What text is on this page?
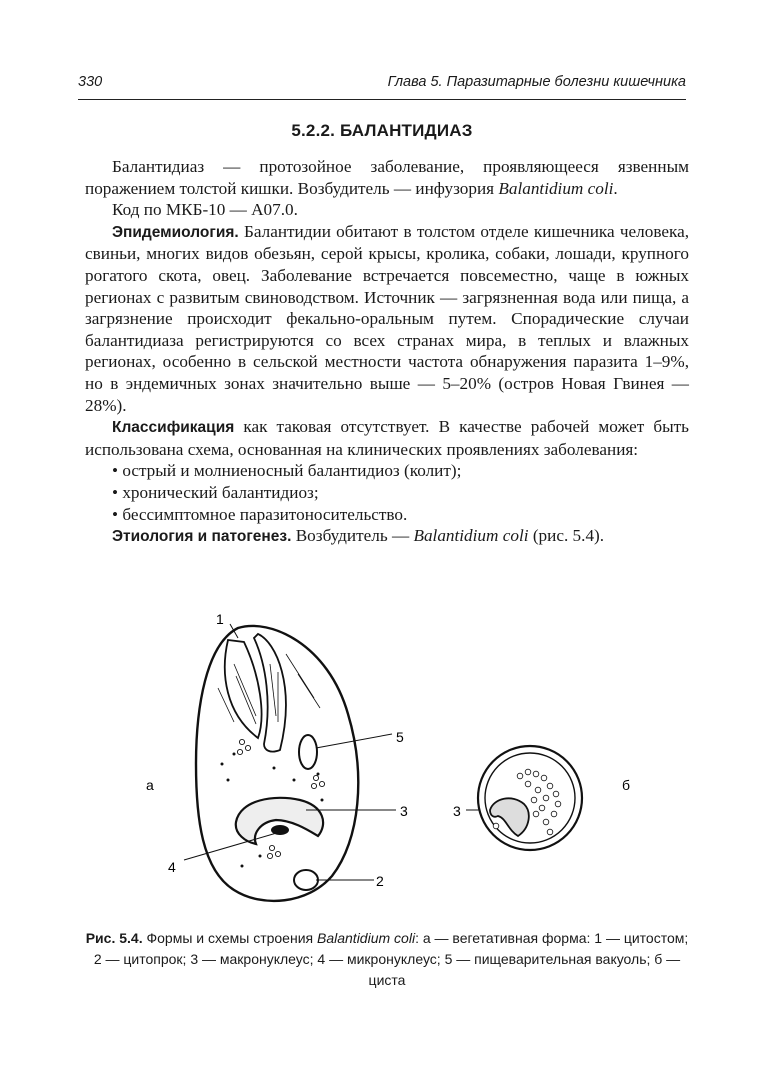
330	Глава 5. Паразитарные болезни кишечника
5.2.2. БАЛАНТИДИАЗ

Балантидиаз — протозойное заболевание, проявляющееся язвенным поражением толстой кишки. Возбудитель — инфузория Balantidium coli.

Код по МКБ-10 — А07.0.

Эпидемиология. Балантидии обитают в толстом отделе кишечника человека, свиньи, многих видов обезьян, серой крысы, кролика, собаки, лошади, крупного рогатого скота, овец. Заболевание встречается повсеместно, чаще в южных регионах с развитым свиноводством. Источник — загрязненная вода или пища, а загрязнение происходит фекально-оральным путем. Спорадические случаи балантидиаза регистрируются со всех странах мира, в теплых и влажных регионах, особенно в сельской местности частота обнаружения паразита 1–9%, но в эндемичных зонах значительно выше — 5–20% (остров Новая Гвинея — 28%).

Классификация как таковая отсутствует. В качестве рабочей может быть использована схема, основанная на клинических проявлениях заболевания:

• острый и молниеносный балантидиоз (колит);

• хронический балантидиоз;

• бессимптомное паразитоносительство.

Этиология и патогенез. Возбудитель — Balantidium coli (рис. 5.4).

1
5
3
4
2
а	б
3
Рис. 5.4. Формы и схемы строения Balantidium coli: а — вегетативная форма: 1 — цитостом; 2 — цитопрок; 3 — макронуклеус; 4 — микронуклеус; 5 — пищеварительная вакуоль; б — циста
